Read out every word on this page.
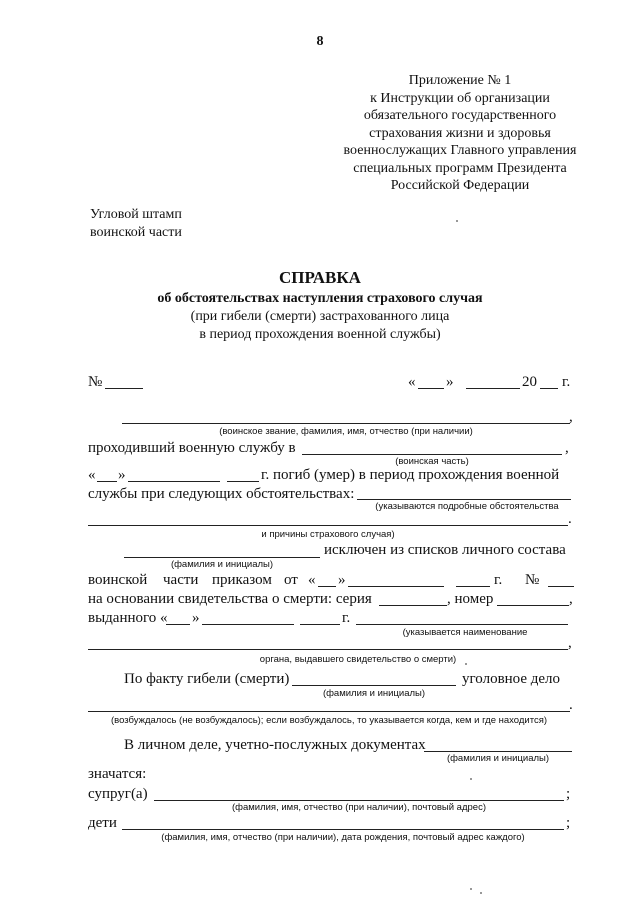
8
Приложение № 1
к Инструкции об организации
обязательного государственного
страхования жизни и здоровья
военнослужащих Главного управления
специальных программ Президента
Российской Федерации
Угловой штамп
воинской части
СПРАВКА
об обстоятельствах наступления страхового случая
(при гибели (смерти) застрахованного лица
в период прохождения военной службы)
№	« »	20 г.
,
(воинское звание, фамилия, имя, отчество (при наличии)
проходивший военную службу в	,
(воинская часть)
« »	г. погиб (умер) в период прохождения военной
службы при следующих обстоятельствах:
(указываются подробные обстоятельства
.
и причины страхового случая)
исключен из списков личного состава
(фамилия и инициалы)
воинской части приказом от « »	г. №
на основании свидетельства о смерти: серия	, номер	,
выданного « »	г.
(указывается наименование
,
органа, выдавшего свидетельство о смерти)
По факту гибели (смерти)	уголовное дело
(фамилия и инициалы)
.
(возбуждалось (не возбуждалось); если возбуждалось, то указывается когда, кем и где находится)
В личном деле, учетно-послужных документах
(фамилия и инициалы)
значатся:
супруг(а)	;
(фамилия, имя, отчество (при наличии), почтовый адрес)
дети	;
(фамилия, имя, отчество (при наличии), дата рождения, почтовый адрес каждого)
